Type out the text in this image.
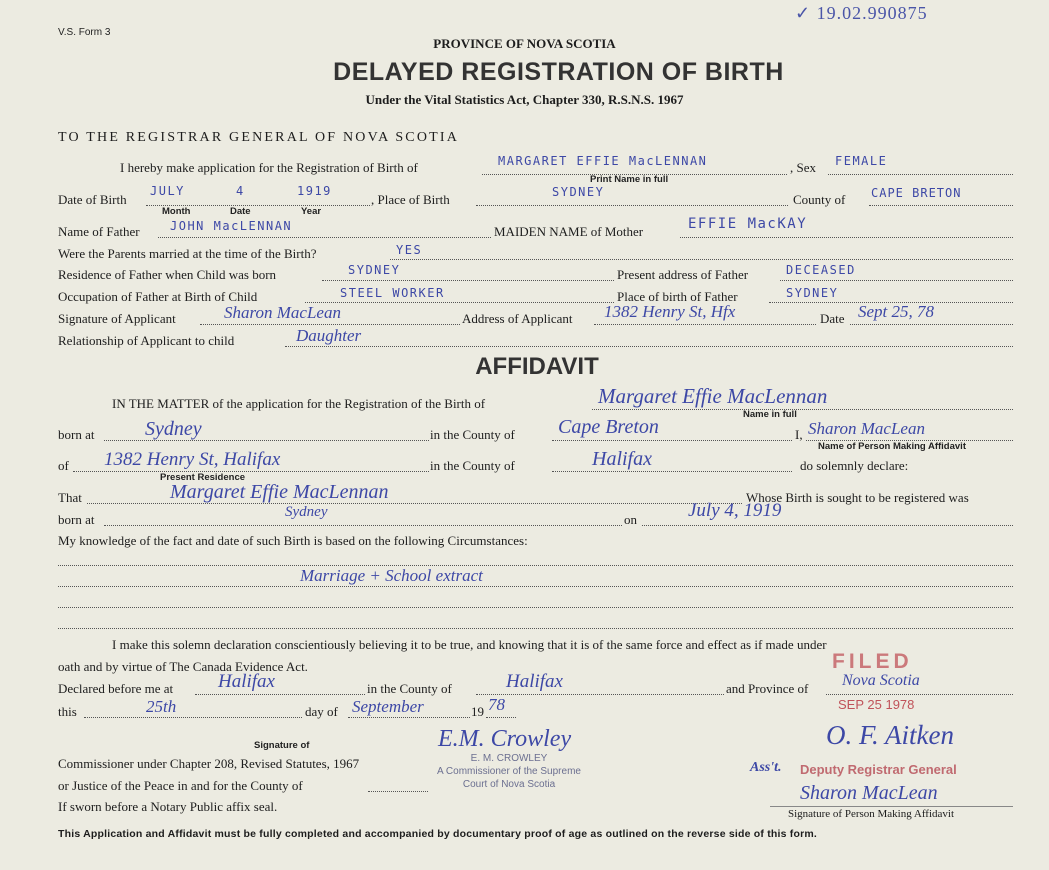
V.S. Form 3
✓ 19.02.990875
PROVINCE OF NOVA SCOTIA
DELAYED REGISTRATION OF BIRTH
Under the Vital Statistics Act, Chapter 330, R.S.N.S. 1967
TO THE REGISTRAR GENERAL OF NOVA SCOTIA
I hereby make application for the Registration of Birth of	MARGARET EFFIE MacLENNAN
Print Name in full
, Sex FEMALE
Date of Birth
JULY	4	1919
Month	Date	Year
, Place of Birth	SYDNEY	County of CAPE BRETON
Name of Father	JOHN MacLENNAN	MAIDEN NAME of Mother	EFFIE MacKAY
Were the Parents married at the time of the Birth?	YES
Residence of Father when Child was born	SYDNEY	Present address of Father	DECEASED
Occupation of Father at Birth of Child	STEEL WORKER	Place of birth of Father	SYDNEY
Signature of Applicant	Sharon MacLean	Address of Applicant 1382 Henry St, Hfx	Date Sept 25, 78
Relationship of Applicant to child	Daughter
AFFIDAVIT
IN THE MATTER of the application for the Registration of the Birth of	Margaret Effie MacLennan
Name in full
born at	Sydney	in the County of Cape Breton	I, Sharon MacLean
Name of Person Making Affidavit
of 1382 Henry St, Halifax
Present Residence
in the County of	Halifax	do solemnly declare:
That	Margaret Effie MacLennan	Whose Birth is sought to be registered was
born at	Sydney	on	July 4, 1919
My knowledge of the fact and date of such Birth is based on the following Circumstances:
Marriage + School extract
I make this solemn declaration conscientiously believing it to be true, and knowing that it is of the same force and effect as if made under
oath and by virtue of The Canada Evidence Act.
Declared before me at Halifax	in the County of	Halifax	and Province of Nova Scotia
this	25th	day of September	19 78
Signature of	E.M. Crowley
Commissioner under Chapter 208, Revised Statutes, 1967	E. M. CROWLEY
A Commissioner of the Supreme
Court of Nova Scotia
or Justice of the Peace in and for the County of
If sworn before a Notary Public affix seal.
FILED
SEP 25 1978
O. F. Aitken
Ass't. Deputy Registrar General
Sharon MacLean
Signature of Person Making Affidavit
This Application and Affidavit must be fully completed and accompanied by documentary proof of age as outlined on the reverse side of this form.
